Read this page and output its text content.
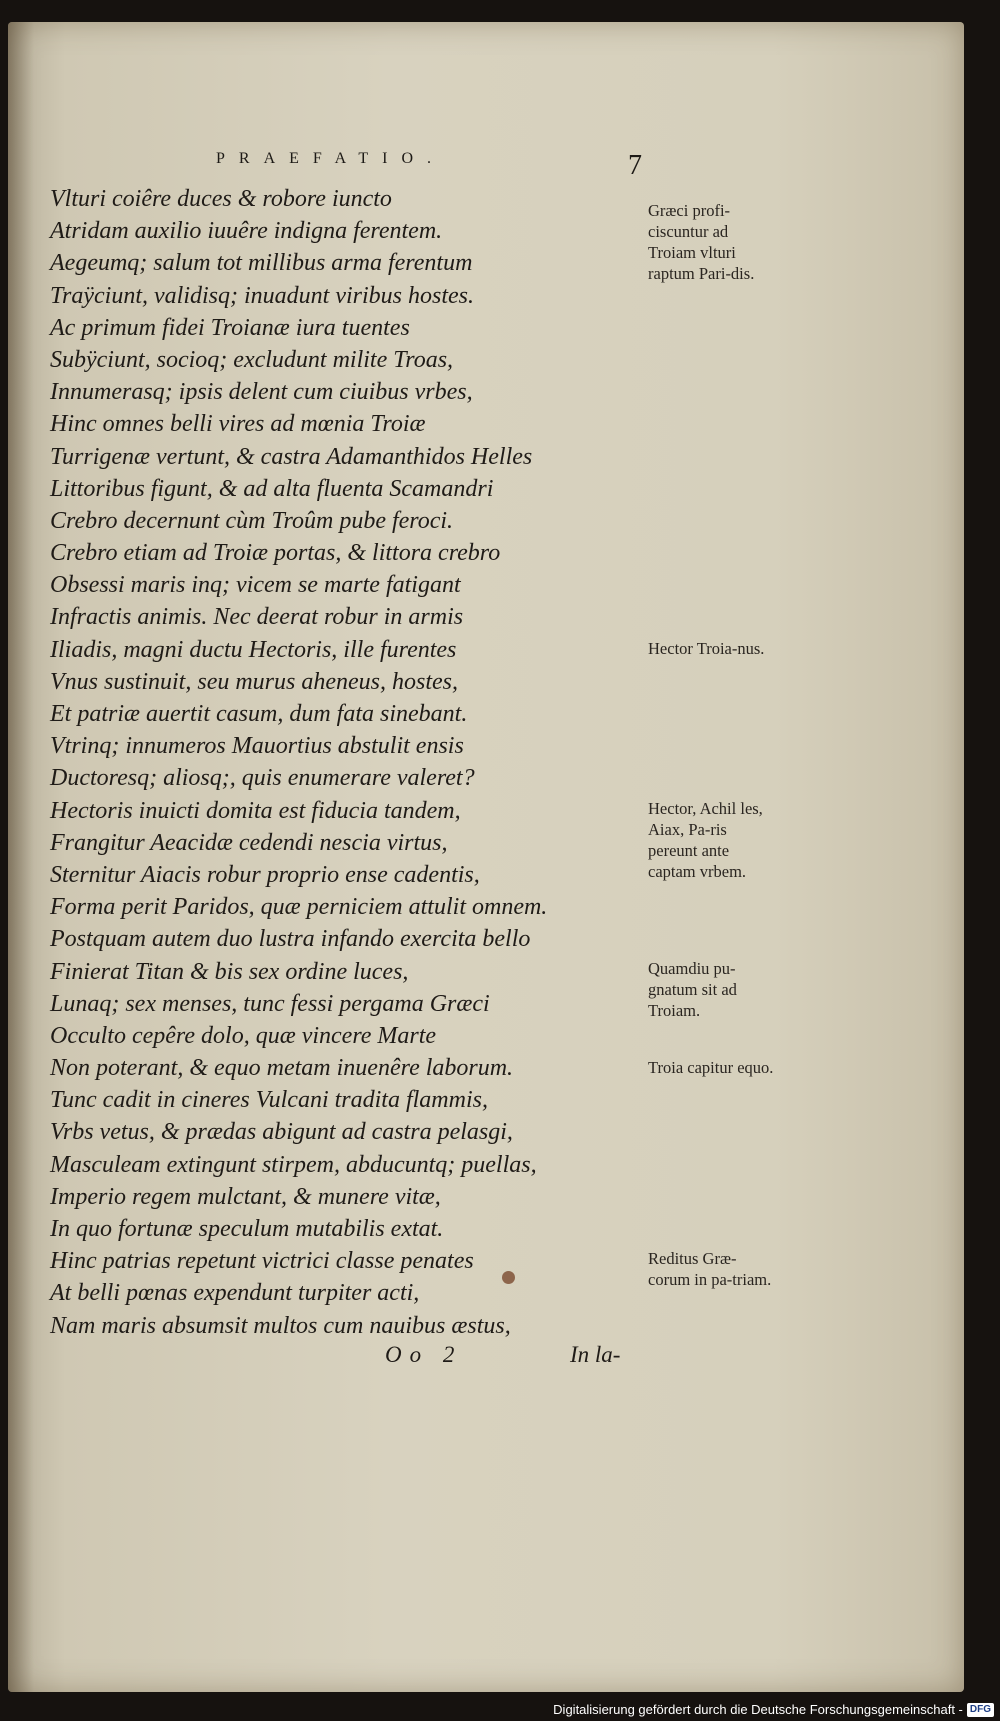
PRAEFATIO.	7
Vlturi coiêre duces & robore iuncto
Atridam auxilio iuuêre indigna ferentem.
Aegeumq; salum tot millibus arma ferentum
Traÿciunt, validisq; inuadunt viribus hostes.
Ac primum fidei Troianæ iura tuentes
Subÿciunt, socioq; excludunt milite Troas,
Innumerasq; ipsis delent cum ciuibus vrbes,
Hinc omnes belli vires ad mœnia Troiæ
Turrigenæ vertunt, & castra Adamanthidos Helles
Littoribus figunt, & ad alta fluenta Scamandri
Crebro decernunt cùm Troûm pube feroci.
Crebro etiam ad Troiæ portas, & littora crebro
Obsessi maris inq; vicem se marte fatigant
Infractis animis. Nec deerat robur in armis
Iliadis, magni ductu Hectoris, ille furentes
Vnus sustinuit, seu murus aheneus, hostes,
Et patriæ auertit casum, dum fata sinebant.
Vtrinq; innumeros Mauortius abstulit ensis
Ductoresq; aliosq;, quis enumerare valeret?
Hectoris inuicti domita est fiducia tandem,
Frangitur Aeacidæ cedendi nescia virtus,
Sternitur Aiacis robur proprio ense cadentis,
Forma perit Paridos, quæ perniciem attulit omnem.
Postquam autem duo lustra infando exercita bello
Finierat Titan & bis sex ordine luces,
Lunaq; sex menses, tunc fessi pergama Græci
Occulto cepêre dolo, quæ vincere Marte
Non poterant, & equo metam inuenêre laborum.
Tunc cadit in cineres Vulcani tradita flammis,
Vrbs vetus, & prædas abigunt ad castra pelasgi,
Masculeam extingunt stirpem, abducuntq; puellas,
Imperio regem mulctant, & munere vitæ,
In quo fortunæ speculum mutabilis extat.
Hinc patrias repetunt victrici classe penates
At belli pœnas expendunt turpiter acti,
Nam maris absumsit multos cum nauibus æstus,
Græci profi-ciscuntur ad Troiam vlturi raptum Pari-dis.
Hector Troia-nus.
Hector, Achil les, Aiax, Pa-ris pereunt ante captam vrbem.
Quamdiu pu-gnatum sit ad Troiam.
Troia capitur equo.
Reditus Græ-corum in pa-triam.
Oo 2	In la-
Digitalisierung gefördert durch die Deutsche Forschungsgemeinschaft - DFG
